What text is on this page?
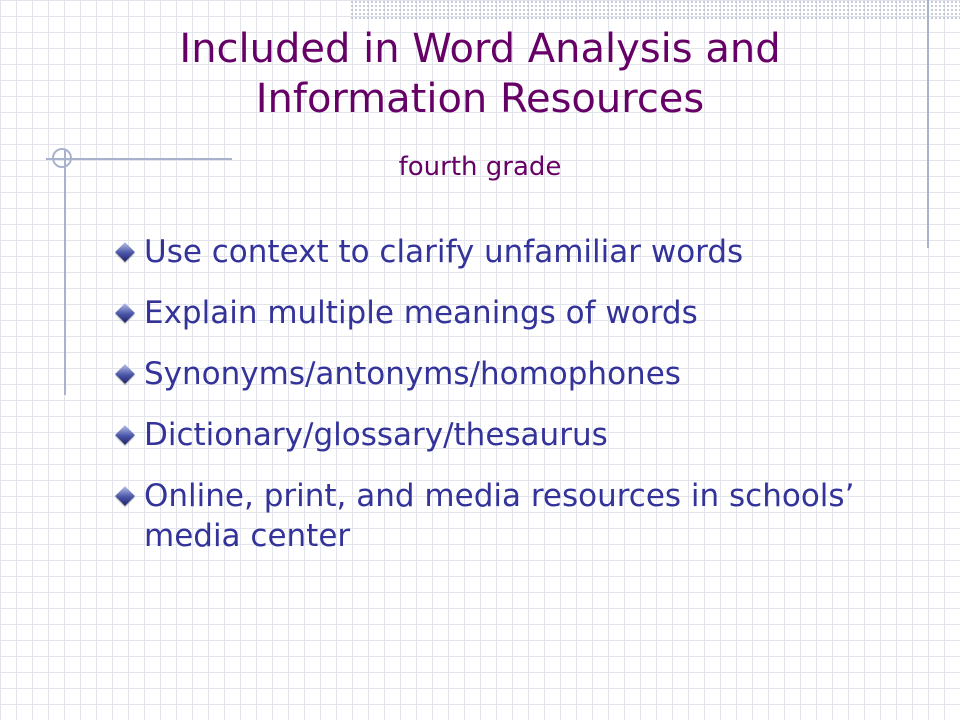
Included in Word Analysis and
Information Resources
fourth grade
Use context to clarify unfamiliar words
Explain multiple meanings of words
Synonyms/antonyms/homophones
Dictionary/glossary/thesaurus
Online, print, and media resources in schools’ media center
